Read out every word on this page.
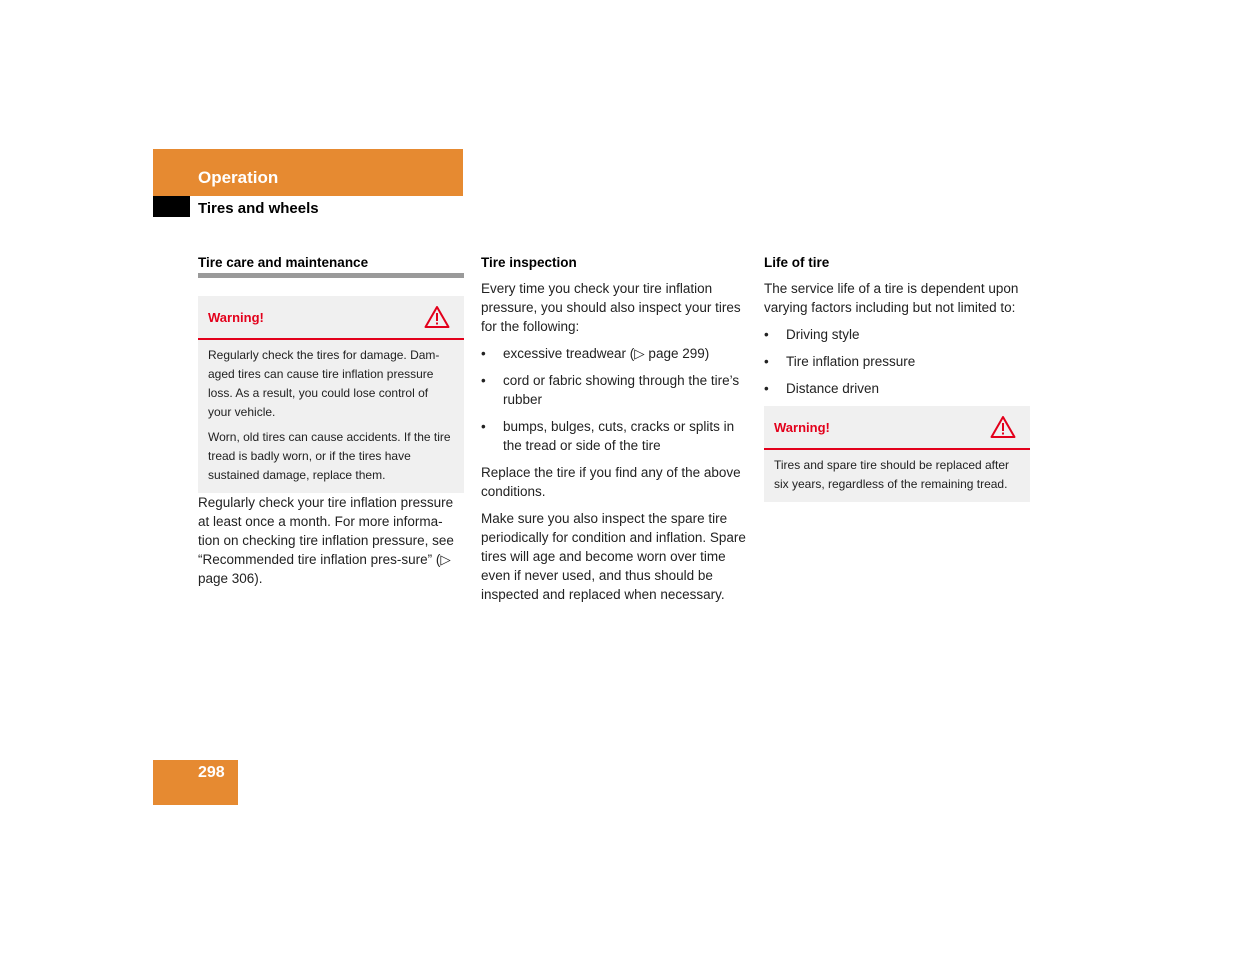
Operation
Tires and wheels
Tire care and maintenance
Warning!

Regularly check the tires for damage. Dam-aged tires can cause tire inflation pressure loss. As a result, you could lose control of your vehicle.

Worn, old tires can cause accidents. If the tire tread is badly worn, or if the tires have sustained damage, replace them.

Regularly check your tire inflation pressure at least once a month. For more informa-tion on checking tire inflation pressure, see “Recommended tire inflation pres-sure” (▷ page 306).

Tire inspection

Every time you check your tire inflation pressure, you should also inspect your tires for the following:

• excessive treadwear (▷ page 299)
• cord or fabric showing through the tire’s rubber
• bumps, bulges, cuts, cracks or splits in the tread or side of the tire

Replace the tire if you find any of the above conditions.

Make sure you also inspect the spare tire periodically for condition and inflation. Spare tires will age and become worn over time even if never used, and thus should be inspected and replaced when necessary.

Life of tire

The service life of a tire is dependent upon varying factors including but not limited to:

• Driving style
• Tire inflation pressure
• Distance driven
Warning!

Tires and spare tire should be replaced after six years, regardless of the remaining tread.

298
